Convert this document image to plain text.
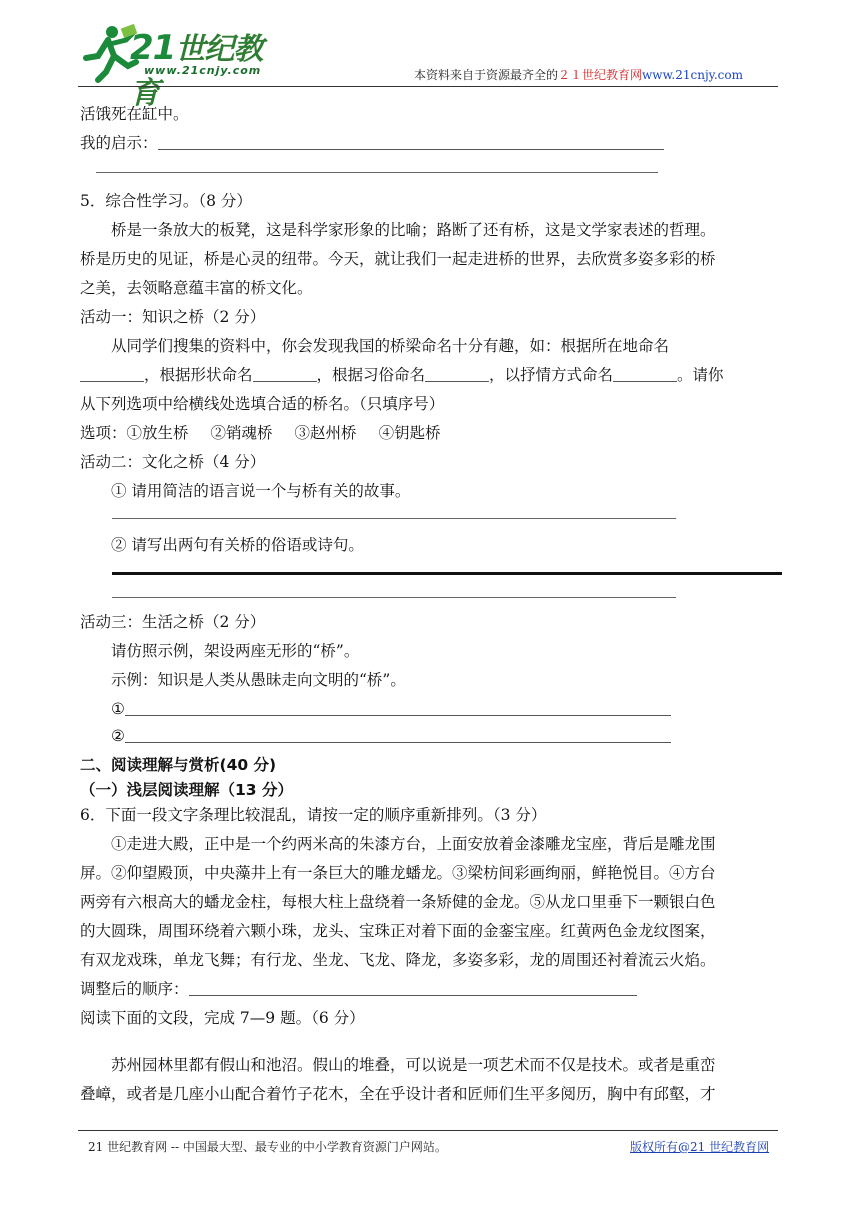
21世纪教育
www.21cnjy.com	本资料来自于资源最齐全的２１世纪教育网www.21cnjy.com

活饿死在缸中。

我的启示：

5．综合性学习。（8 分）

桥是一条放大的板凳，这是科学家形象的比喻；路断了还有桥，这是文学家表述的哲理。

桥是历史的见证，桥是心灵的纽带。今天，就让我们一起走进桥的世界，去欣赏多姿多彩的桥

之美，去领略意蕴丰富的桥文化。

活动一：知识之桥（2 分）

从同学们搜集的资料中，你会发现我国的桥梁命名十分有趣，如：根据所在地命名

，根据形状命名	，根据习俗命名	，以抒情方式命名	。请你

从下列选项中给横线处选填合适的桥名。（只填序号）

选项：①放生桥 ②销魂桥 ③赵州桥 ④钥匙桥

活动二：文化之桥（4 分）

① 请用简洁的语言说一个与桥有关的故事。

② 请写出两句有关桥的俗语或诗句。

活动三：生活之桥（2 分）

请仿照示例，架设两座无形的“桥”。

示例：知识是人类从愚昧走向文明的“桥”。

①

②

二、阅读理解与赏析(40 分)

（一）浅层阅读理解（13 分）

6．下面一段文字条理比较混乱，请按一定的顺序重新排列。（3 分）

①走进大殿，正中是一个约两米高的朱漆方台，上面安放着金漆雕龙宝座，背后是雕龙围

屏。②仰望殿顶，中央藻井上有一条巨大的雕龙蟠龙。③梁枋间彩画绚丽，鲜艳悦目。④方台

两旁有六根高大的蟠龙金柱，每根大柱上盘绕着一条矫健的金龙。⑤从龙口里垂下一颗银白色

的大圆珠，周围环绕着六颗小珠，龙头、宝珠正对着下面的金銮宝座。红黄两色金龙纹图案，

有双龙戏珠，单龙飞舞；有行龙、坐龙、飞龙、降龙，多姿多彩，龙的周围还衬着流云火焰。

调整后的顺序：

阅读下面的文段，完成 7—9 题。（6 分）

苏州园林里都有假山和池沼。假山的堆叠，可以说是一项艺术而不仅是技术。或者是重峦

叠嶂，或者是几座小山配合着竹子花木，全在乎设计者和匠师们生平多阅历，胸中有邱壑，才

21 世纪教育网 -- 中国最大型、最专业的中小学教育资源门户网站。	版权所有@21 世纪教育网
